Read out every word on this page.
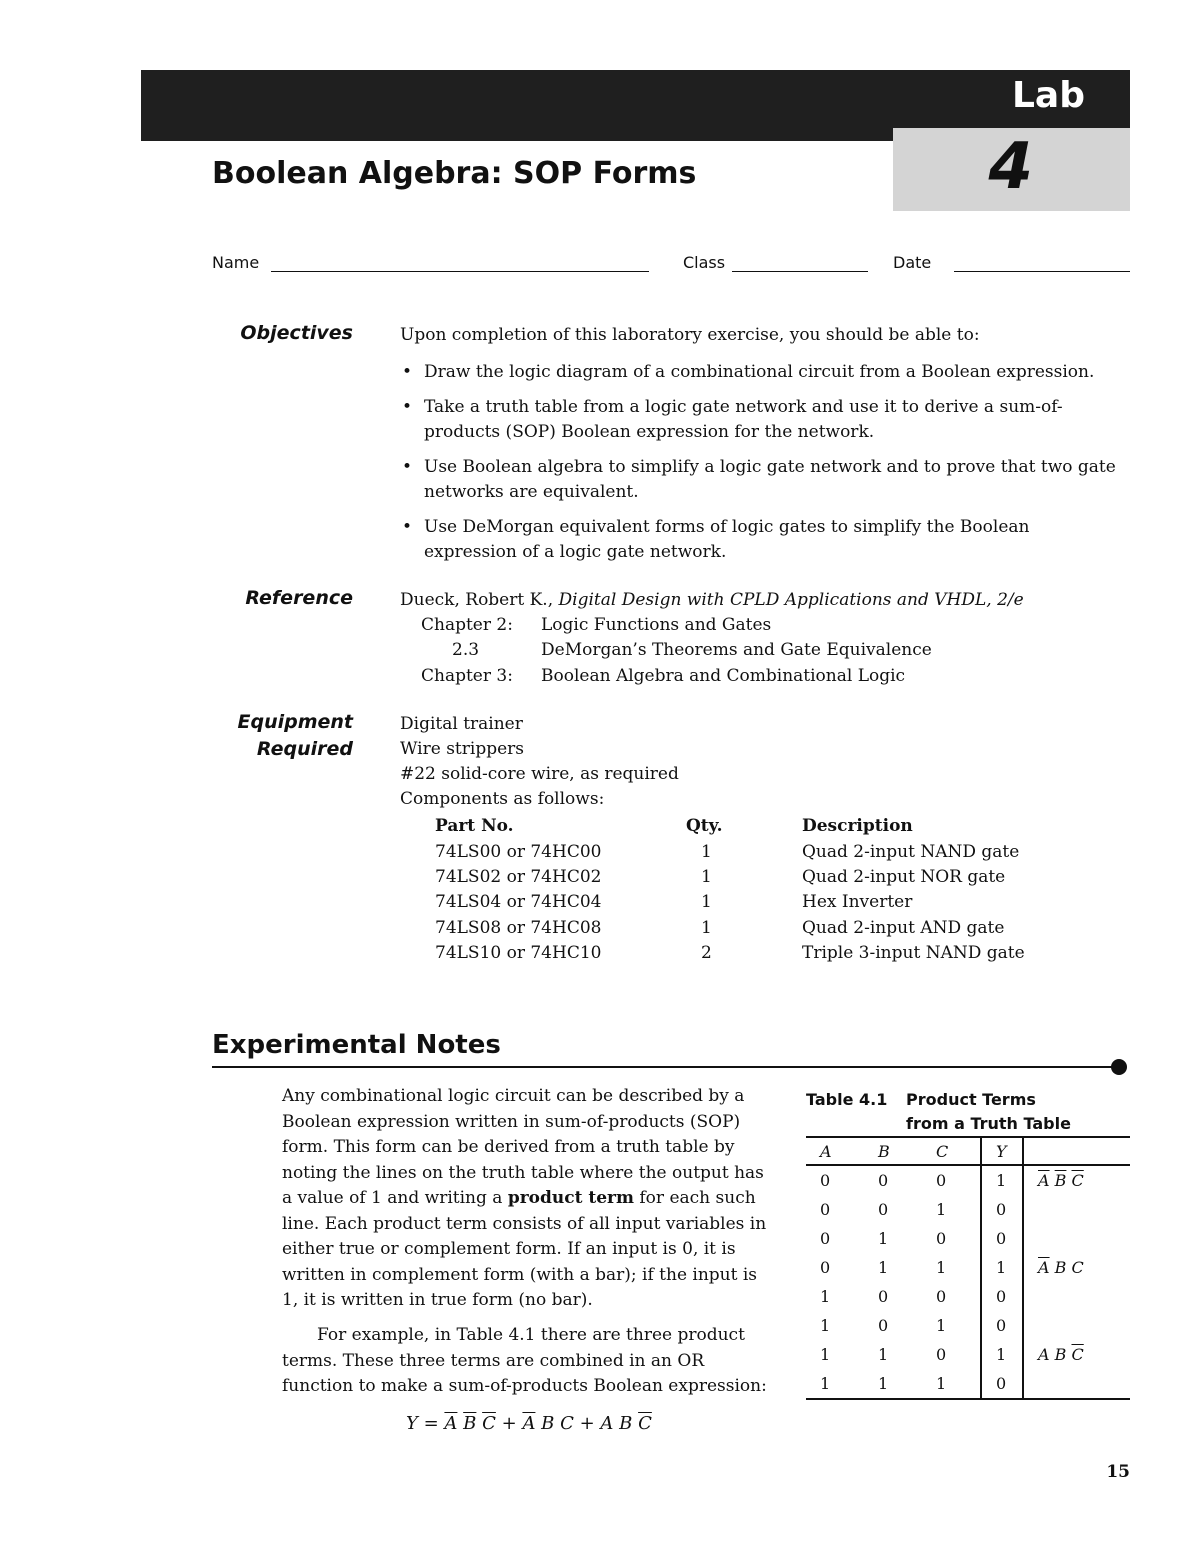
Lab
4
Boolean Algebra: SOP Forms
Name	Class	Date
Objectives	Upon completion of this laboratory exercise, you should be able to:
• Draw the logic diagram of a combinational circuit from a Boolean expression.
• Take a truth table from a logic gate network and use it to derive a sum-of-products (SOP) Boolean expression for the network.
• Use Boolean algebra to simplify a logic gate network and to prove that two gate networks are equivalent.
• Use DeMorgan equivalent forms of logic gates to simplify the Boolean expression of a logic gate network.
Reference	Dueck, Robert K., Digital Design with CPLD Applications and VHDL, 2/e
Chapter 2: Logic Functions and Gates
2.3	DeMorgan’s Theorems and Gate Equivalence
Chapter 3: Boolean Algebra and Combinational Logic
Equipment
Required
Digital trainer
Wire strippers
#22 solid-core wire, as required
Components as follows:
Part No.	Qty.	Description
74LS00 or 74HC00	1	Quad 2-input NAND gate
74LS02 or 74HC02	1	Quad 2-input NOR gate
74LS04 or 74HC04	1	Hex Inverter
74LS08 or 74HC08	1	Quad 2-input AND gate
74LS10 or 74HC10	2	Triple 3-input NAND gate
Experimental Notes
Any combinational logic circuit can be described by a Boolean expression written in sum-of-products (SOP) form. This form can be derived from a truth table by noting the lines on the truth table where the output has a value of 1 and writing a product term for each such line. Each product term consists of all input variables in either true or complement form. If an input is 0, it is written in complement form (with a bar); if the input is 1, it is written in true form (no bar).
For example, in Table 4.1 there are three product terms. These three terms are combined in an OR function to make a sum-of-products Boolean expression:
Table 4.1 Product Terms
from a Truth Table
A	B	C	Y	
0	0	0	1	$\overline{A}$ $\overline{B}$ $\overline{C}$
0	0	1	0	
0	1	0	0	
0	1	1	1	$\overline{A}$ B C
1	0	0	0	
1	0	1	0	
1	1	0	1	A B $\overline{C}$
1	1	1	0	
$Y = \overline{A}$ $\overline{B}$ $\overline{C} + \overline{A}$ B C + A B $\overline{C}$
15
